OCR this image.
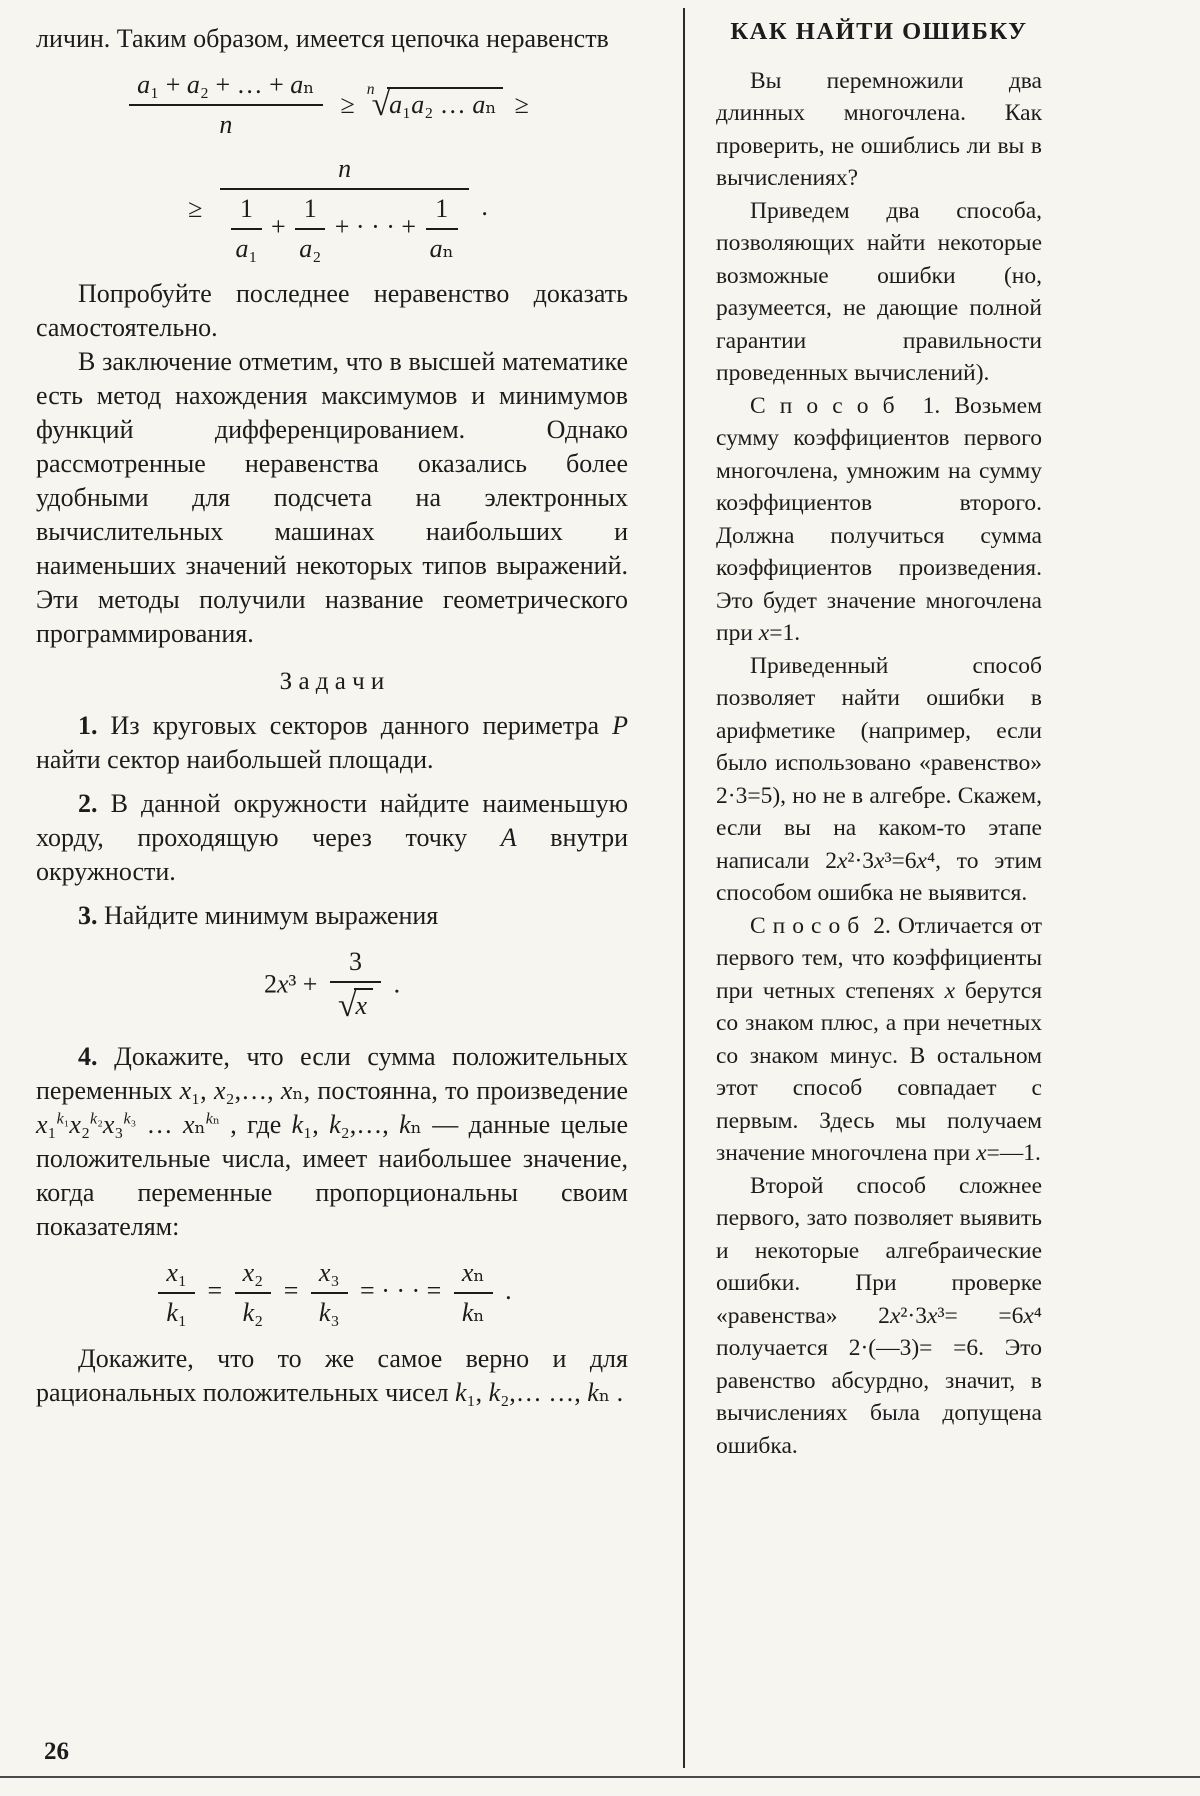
личин. Таким образом, имеется цепочка неравенств

$\frac{\text{a₁ + a₂ + … + aₙ}}{n} \ge^n√a_1a_2$ … aₙ ≥
≥ $\frac{n}{\frac{1}{\text{a₁}} + \frac{1}{\text{a₂}} + \cdot \cdot \cdot + \frac{1}{\text{aₙ}}}$ .

Попробуйте последнее неравенство доказать самостоятельно.

В заключение отметим, что в высшей математике есть метод нахождения максимумов и минимумов функций дифференцированием. Однако рассмотренные неравенства оказались более удобными для подсчета на электронных вычислительных машинах наибольших и наименьших значений некоторых типов выражений. Эти методы получили название геометрического программирования.

З а д а ч и

1. Из круговых секторов данного периметра P найти сектор наибольшей площади.

2. В данной окружности найдите наименьшую хорду, проходящую через точку A внутри окружности.

3. Найдите минимум выражения

$2x^3 + \frac{3}{√x}$ .

4. Докажите, что если сумма положительных переменных x₁, x₂,…, xₙ, постоянна, то произведение x₁$^{k_1}$x₂$^{k_2}$x₃$^{k_3}$ … xₙ$^{k_n}$ , где k₁, k₂,…, kₙ — данные целые положительные числа, имеет наибольшее значение, когда переменные пропорциональны своим показателям:

$\frac{\text{x₁}}{\text{k₁}} = \frac{\text{x₂}}{\text{k₂}} = \frac{\text{x₃}}{\text{k₃}}$ = · · · = $\frac{\text{xₙ}}{\text{kₙ}}$ .

Докажите, что то же самое верно и для рациональных положительных чисел k₁, k₂,… …, kₙ .

КАК НАЙТИ ОШИБКУ

Вы перемножили два длинных многочлена. Как проверить, не ошиблись ли вы в вычислениях?

Приведем два способа, позволяющих найти некоторые возможные ошибки (но, разумеется, не дающие полной гарантии правильности проведенных вычислений).

С п о с о б  1. Возьмем сумму коэффициентов первого многочлена, умножим на сумму коэффициентов второго. Должна получиться сумма коэффициентов произведения. Это будет значение многочлена при x=1.

Приведенный способ позволяет найти ошибки в арифметике (например, если было использовано «равенство» 2·3=5), но не в алгебре. Скажем, если вы на каком-то этапе написали 2x²·3x³=6x⁴, то этим способом ошибка не выявится.

С п о с о б  2. Отличается от первого тем, что коэффициенты при четных степенях x берутся со знаком плюс, а при нечетных со знаком минус. В остальном этот способ совпадает с первым. Здесь мы получаем значение многочлена при x=—1.

Второй способ сложнее первого, зато позволяет выявить и некоторые алгебраические ошибки. При проверке «равенства» 2x²·3x³= =6x⁴ получается 2·(—3)= =6. Это равенство абсурдно, значит, в вычислениях была допущена ошибка.

26
